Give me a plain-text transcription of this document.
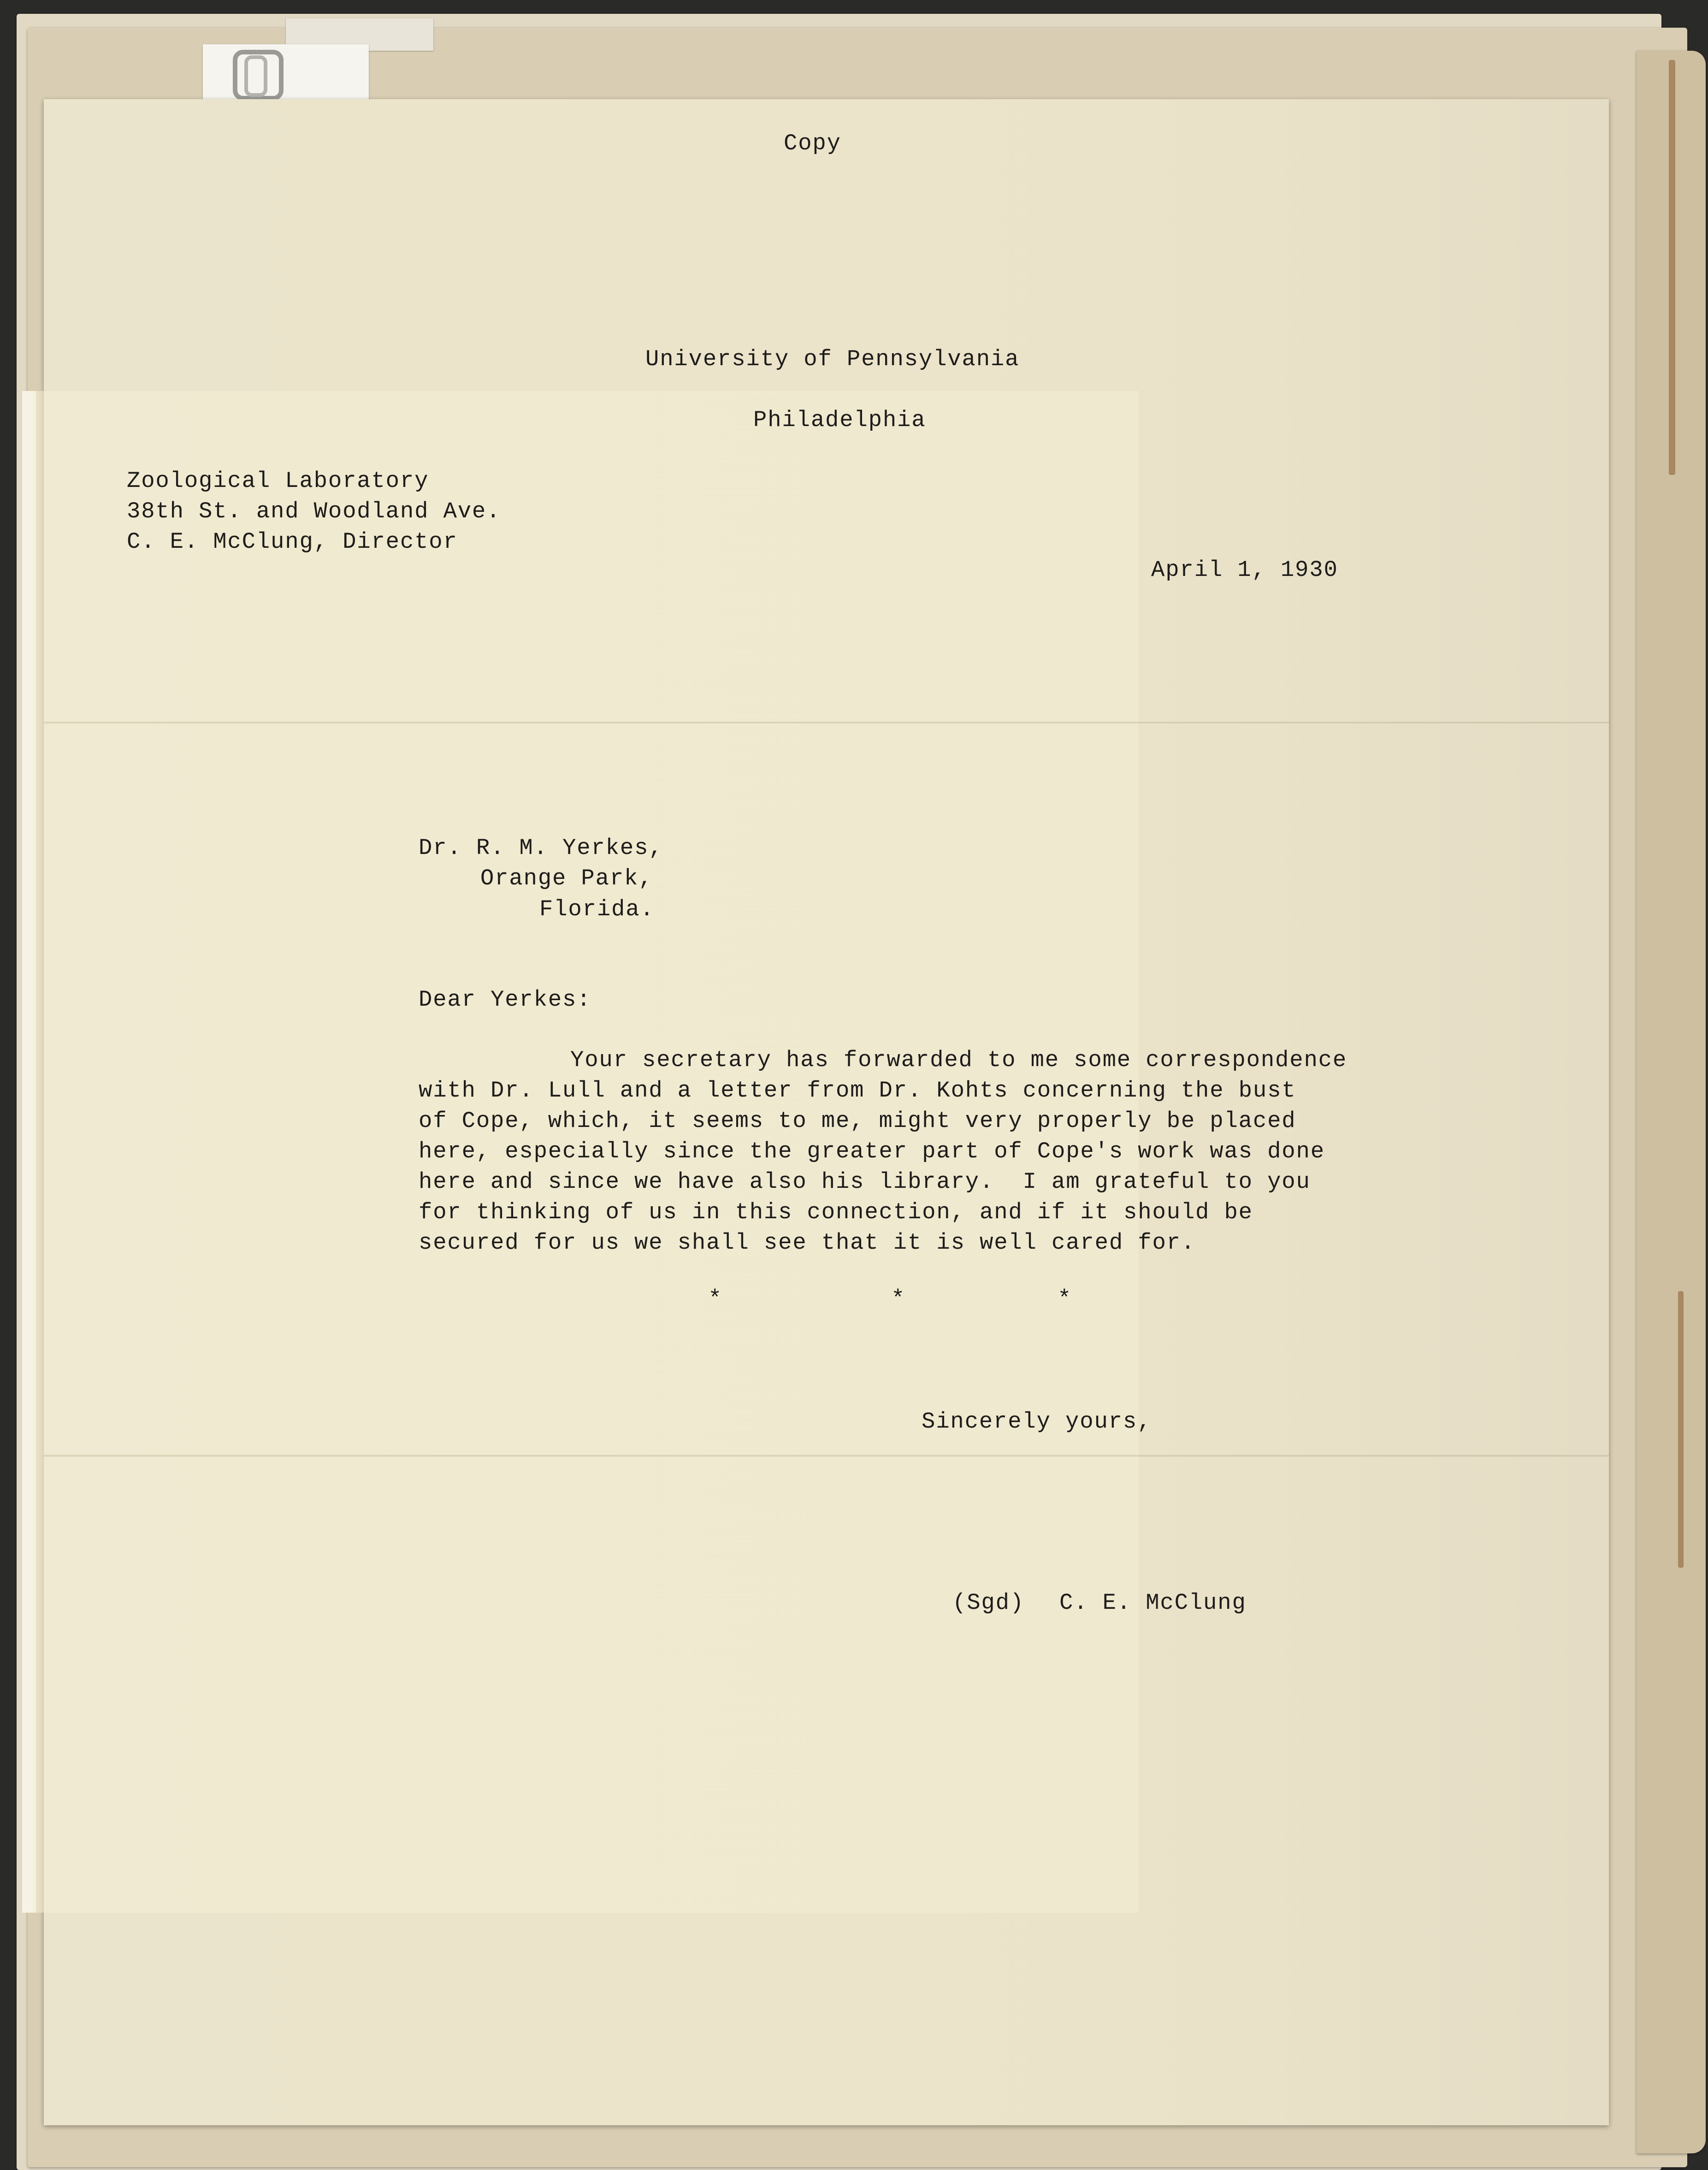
Copy
University of Pennsylvania
Philadelphia
Zoological Laboratory
38th St. and Woodland Ave.
C. E. McClung, Director
April 1, 1930
Dr. R. M. Yerkes,
Orange Park,
Florida.
Dear Yerkes:
Your secretary has forwarded to me some correspondence
with Dr. Lull and a letter from Dr. Kohts concerning the bust
of Cope, which, it seems to me, might very properly be placed
here, especially since the greater part of Cope's work was done
here and since we have also his library.  I am grateful to you
for thinking of us in this connection, and if it should be
secured for us we shall see that it is well cared for.
*	*	*
Sincerely yours,
(Sgd) C. E. McClung
